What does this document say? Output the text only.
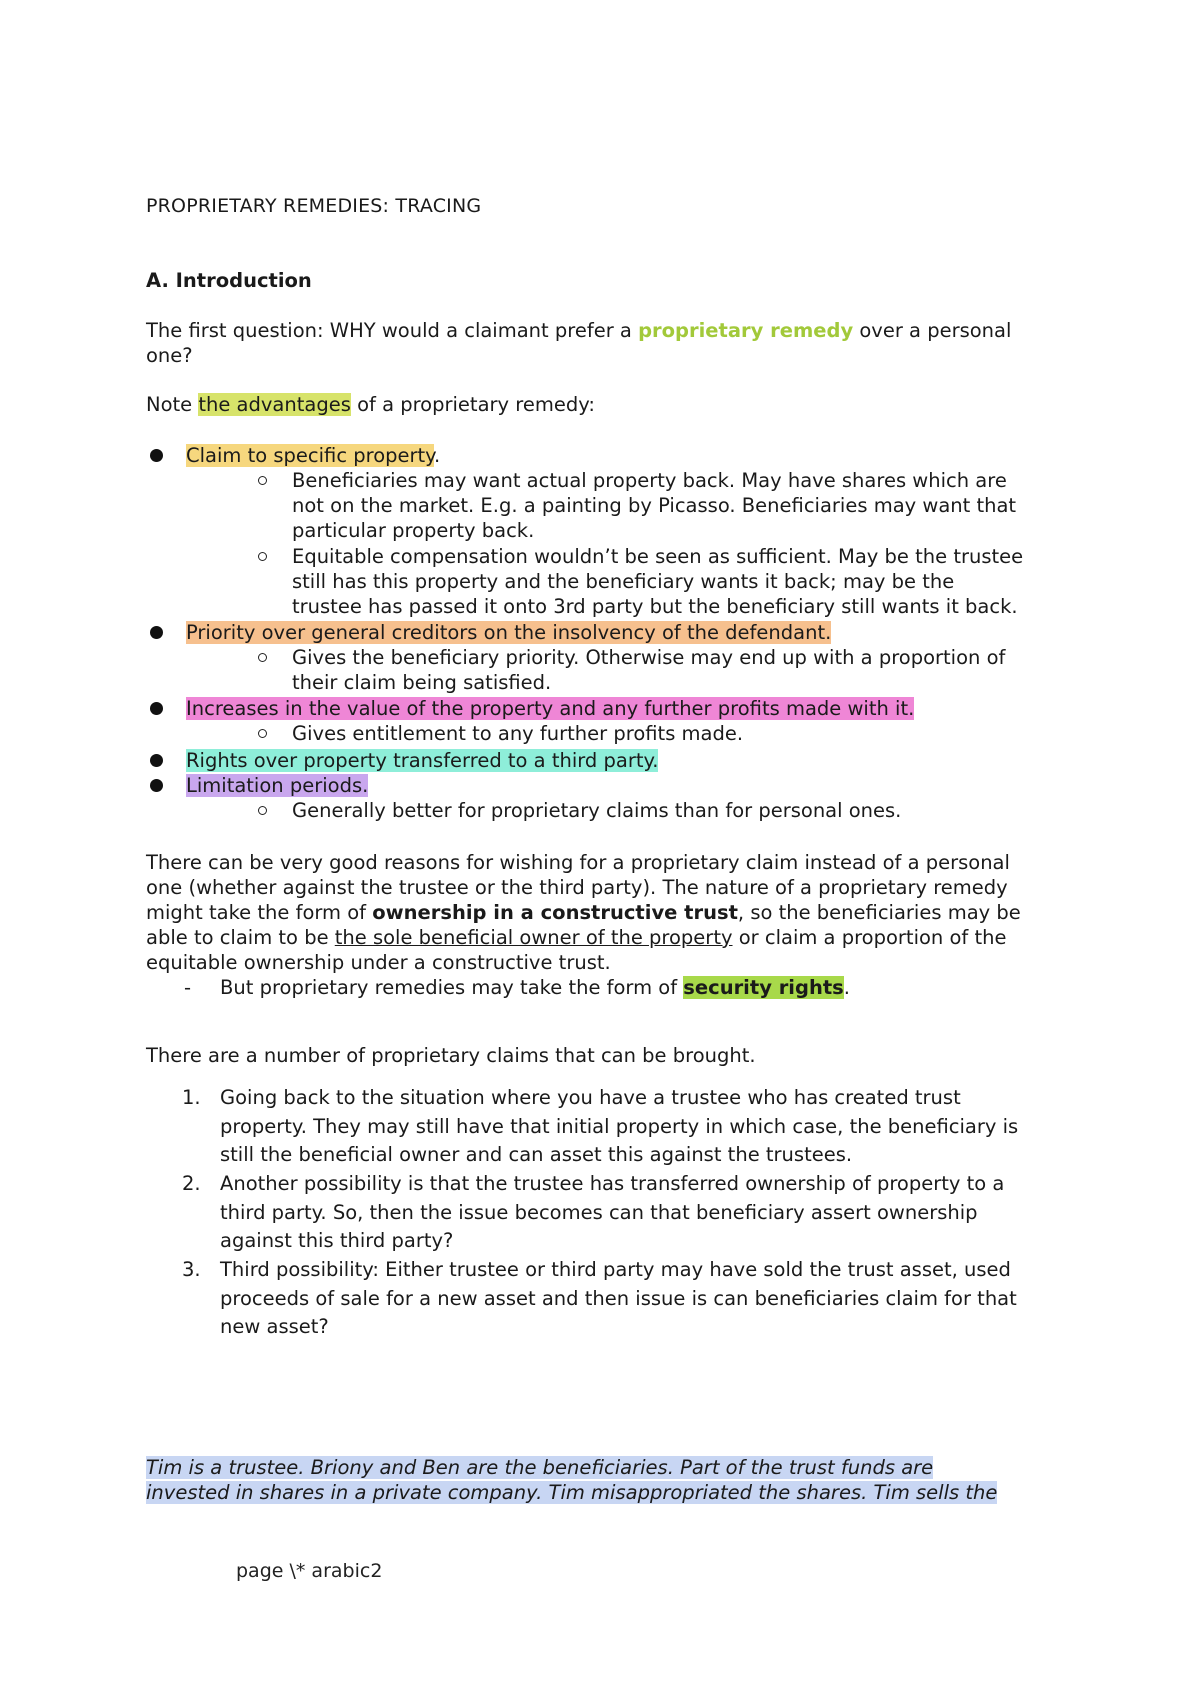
PROPRIETARY REMEDIES: TRACING
A. Introduction
The first question: WHY would a claimant prefer a proprietary remedy over a personal
one?
Note the advantages of a proprietary remedy:
Claim to specific property.
Beneficiaries may want actual property back. May have shares which are
not on the market. E.g. a painting by Picasso. Beneficiaries may want that
particular property back.
Equitable compensation wouldn’t be seen as sufficient. May be the trustee
still has this property and the beneficiary wants it back; may be the
trustee has passed it onto 3rd party but the beneficiary still wants it back.
Priority over general creditors on the insolvency of the defendant.
Gives the beneficiary priority. Otherwise may end up with a proportion of
their claim being satisfied.
Increases in the value of the property and any further profits made with it.
Gives entitlement to any further profits made.
Rights over property transferred to a third party.
Limitation periods.
Generally better for proprietary claims than for personal ones.
There can be very good reasons for wishing for a proprietary claim instead of a personal
one (whether against the trustee or the third party). The nature of a proprietary remedy
might take the form of ownership in a constructive trust, so the beneficiaries may be
able to claim to be the sole beneficial owner of the property or claim a proportion of the
equitable ownership under a constructive trust.
- But proprietary remedies may take the form of security rights.
There are a number of proprietary claims that can be brought.
1. Going back to the situation where you have a trustee who has created trust
property. They may still have that initial property in which case, the beneficiary is
still the beneficial owner and can asset this against the trustees.
2. Another possibility is that the trustee has transferred ownership of property to a
third party. So, then the issue becomes can that beneficiary assert ownership
against this third party?
3. Third possibility: Either trustee or third party may have sold the trust asset, used
proceeds of sale for a new asset and then issue is can beneficiaries claim for that
new asset?
Tim is a trustee. Briony and Ben are the beneficiaries. Part of the trust funds are
invested in shares in a private company. Tim misappropriated the shares. Tim sells the
page \* arabic2
